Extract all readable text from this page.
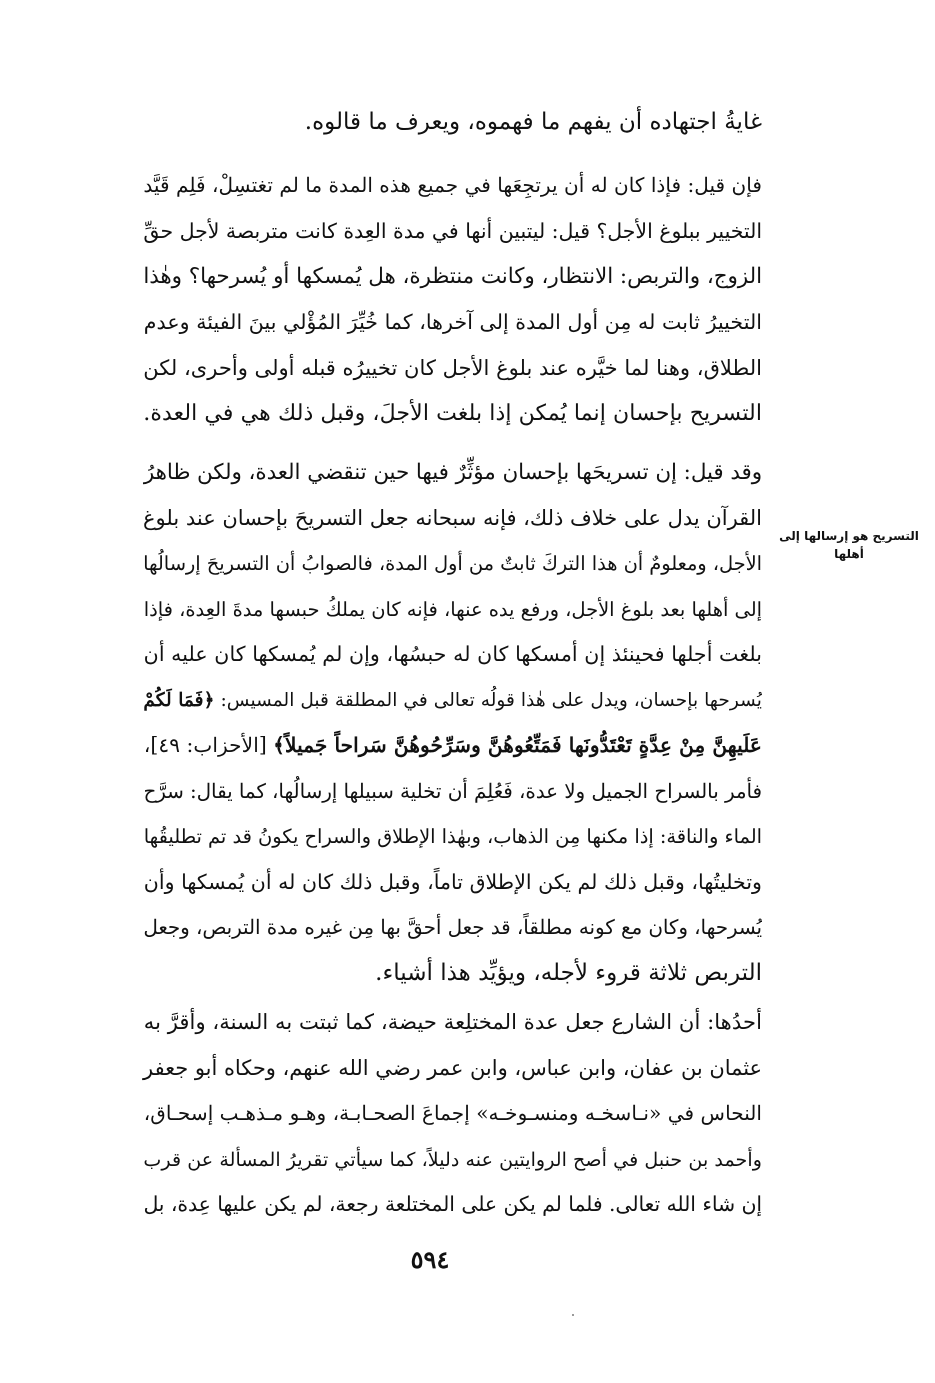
غايةُ اجتهاده أن يفهم ما فهموه، ويعرف ما قالوه.
فإن قيل: فإذا كان له أن يرتجِعَها في جميع هذه المدة ما لم تغتسِلْ، فَلِم قَيَّد
التخيير ببلوغ الأجل؟ قيل: ليتبين أنها في مدة العِدة كانت متربصة لأجل حقِّ
الزوج، والتربص: الانتظار، وكانت منتظرة، هل يُمسكها أو يُسرحها؟ وهٰذا
التخييرُ ثابت له مِن أول المدة إلى آخرها، كما خُيِّرَ المُؤْلي بينَ الفيئة وعدم
الطلاق، وهنا لما خيَّره عند بلوغ الأجل كان تخييرُه قبله أولى وأحرى، لكن
التسريح بإحسان إنما يُمكن إذا بلغت الأجلَ، وقبل ذلك هي في العدة.
وقد قيل: إن تسريحَها بإحسان مؤثِّرٌ فيها حين تنقضي العدة، ولكن ظاهرُ
القرآن يدل على خلاف ذلك، فإنه سبحانه جعل التسريحَ بإحسان عند بلوغ
الأجل، ومعلومٌ أن هذا التركَ ثابتٌ من أول المدة، فالصوابُ أن التسريحَ إرسالُها
إلى أهلها بعد بلوغ الأجل، ورفع يده عنها، فإنه كان يملكُ حبسها مدةَ العِدة، فإذا
بلغت أجلها فحينئذ إن أمسكها كان له حبسُها، وإن لم يُمسكها كان عليه أن
يُسرحها بإحسان، ويدل على هٰذا قولُه تعالى في المطلقة قبل المسيس: ﴿فَمَا لَكُمْ
عَلَيهِنَّ مِنْ عِدَّةٍ تَعْتَدُّونَها فَمَتِّعُوهُنَّ وسَرِّحُوهُنَّ سَراحاً جَميلاً﴾ [الأحزاب: ٤٩]،
فأمر بالسراح الجميل ولا عدة، فَعُلِمَ أن تخلية سبيلها إرسالُها، كما يقال: سرَّح
الماء والناقة: إذا مكنها مِن الذهاب، وبهٰذا الإطلاق والسراح يكونُ قد تم تطليقُها
وتخليتُها، وقبل ذلك لم يكن الإطلاق تاماً، وقبل ذلك كان له أن يُمسكها وأن
يُسرحها، وكان مع كونه مطلقاً، قد جعل أحقَّ بها مِن غيره مدة التربص، وجعل
التربص ثلاثة قروء لأجله، ويؤيِّد هذا أشياء.
التسريح هو إرسالها إلى
أهلها
أحدُها: أن الشارع جعل عدة المختلِعة حيضة، كما ثبتت به السنة، وأقرَّ به
عثمان بن عفان، وابن عباس، وابن عمر رضي الله عنهم، وحكاه أبو جعفر
النحاس في «نـاسخـه ومنسـوخـه» إجماعَ الصحـابـة، وهـو مـذهـب إسحـاق،
وأحمد بن حنبل في أصح الروايتين عنه دليلاً، كما سيأتي تقريرُ المسألة عن قرب
إن شاء الله تعالى. فلما لم يكن على المختلعة رجعة، لم يكن عليها عِدة، بل
٥٩٤
